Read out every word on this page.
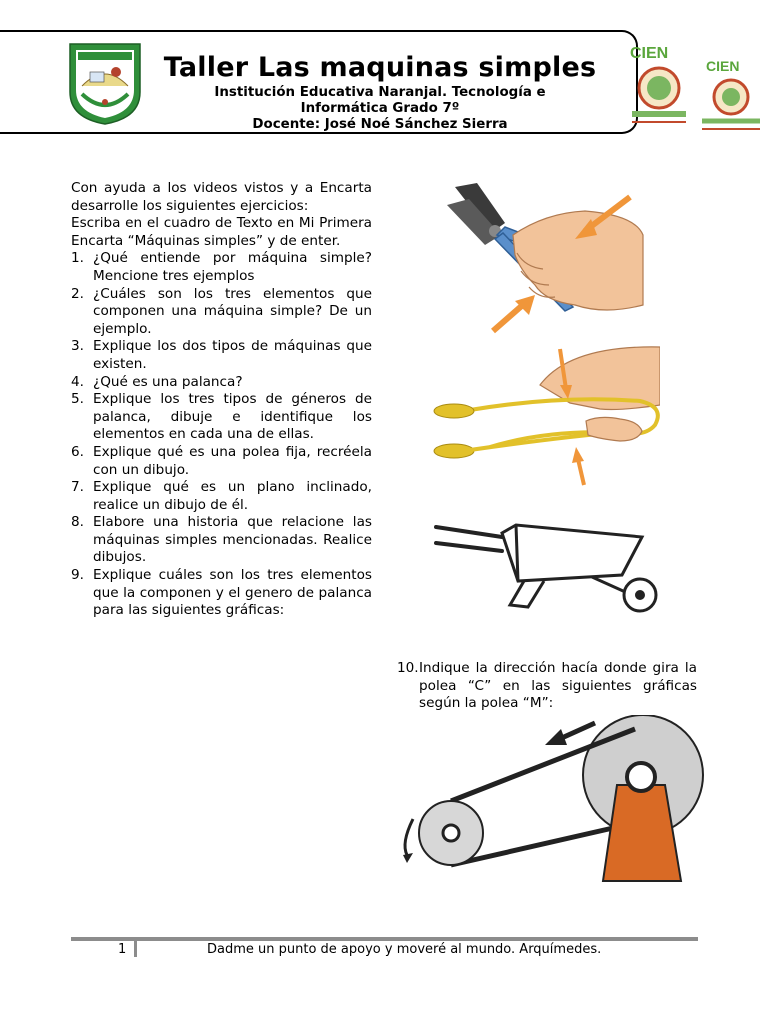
Taller Las maquinas simples
Institución Educativa Naranjal. Tecnología e Informática Grado 7º
Docente: José Noé Sánchez Sierra
CIEN
CIEN

Con ayuda a los videos vistos y a Encarta desarrolle los siguientes ejercicios:

Escriba en el cuadro de Texto en Mi Primera Encarta “Máquinas simples” y de enter.

1. ¿Qué entiende por máquina simple? Mencione tres ejemplos
2. ¿Cuáles son los tres elementos que componen una máquina simple? De un ejemplo.
3. Explique los dos tipos de máquinas que existen.
4. ¿Qué es una palanca?
5. Explique los tres tipos de géneros de palanca, dibuje e identifique los elementos en cada una de ellas.
6. Explique qué es una polea fija, recréela con un dibujo.
7. Explique qué es un plano inclinado, realice un dibujo de él.
8. Elabore una historia que relacione las máquinas simples mencionadas. Realice dibujos.
9. Explique cuáles son los tres elementos que la componen y el genero de palanca para las siguientes gráficas:
10. Indique la dirección hacía donde gira la polea “C” en las siguientes gráficas según la polea “M”:
1	Dadme un punto de apoyo y moveré al mundo. Arquímedes.
